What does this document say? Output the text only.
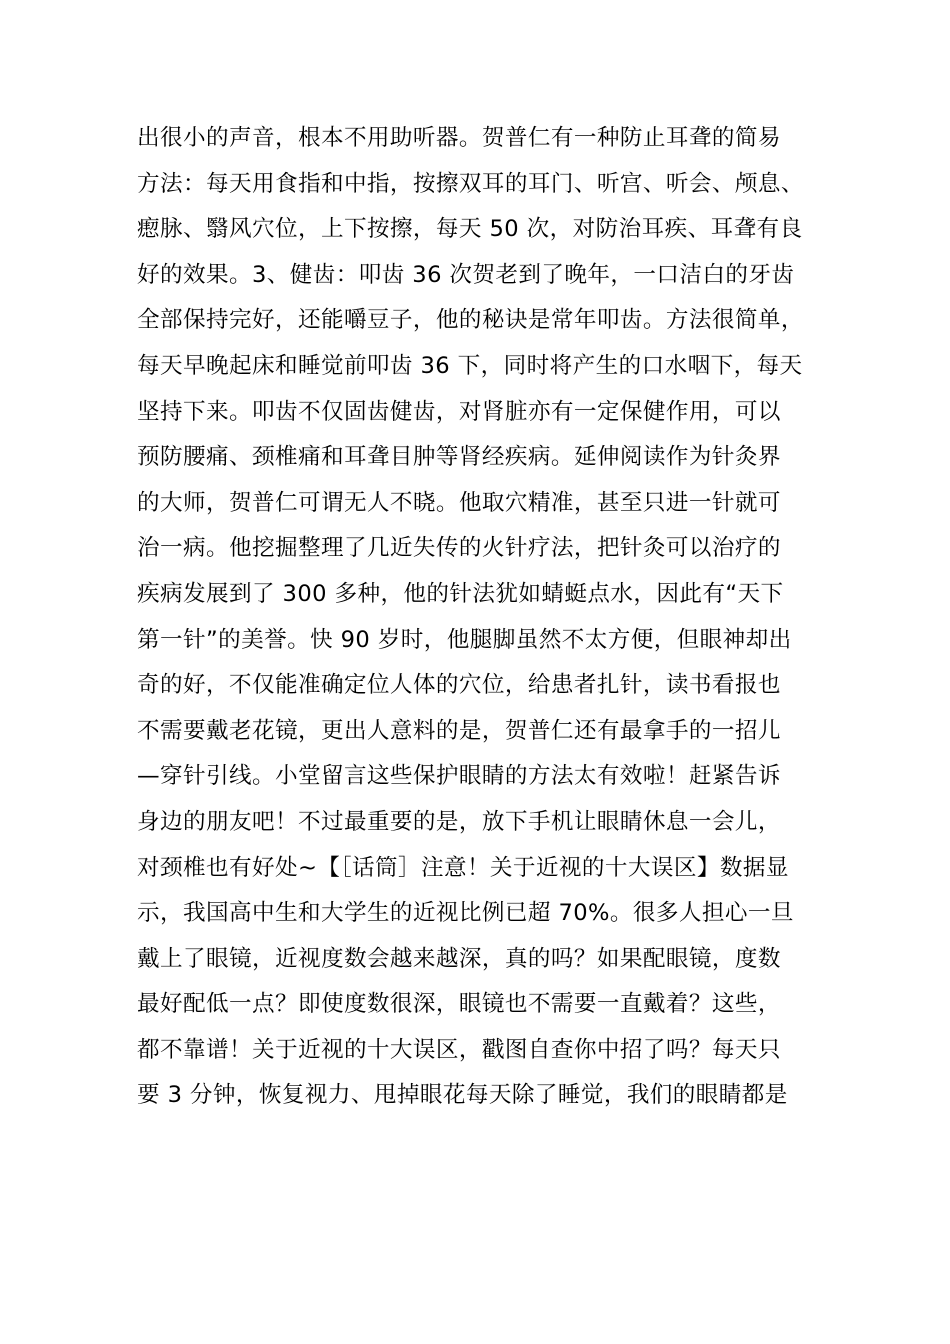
出很小的声音，根本不用助听器。贺普仁有一种防止耳聋的简易
方法：每天用食指和中指，按擦双耳的耳门、听宫、听会、颅息、
瘛脉、翳风穴位，上下按擦，每天 50 次，对防治耳疾、耳聋有良
好的效果。3、健齿：叩齿 36 次贺老到了晚年，一口洁白的牙齿
全部保持完好，还能嚼豆子，他的秘诀是常年叩齿。方法很简单，
每天早晚起床和睡觉前叩齿 36 下，同时将产生的口水咽下，每天
坚持下来。叩齿不仅固齿健齿，对肾脏亦有一定保健作用，可以
预防腰痛、颈椎痛和耳聋目肿等肾经疾病。延伸阅读作为针灸界
的大师，贺普仁可谓无人不晓。他取穴精准，甚至只进一针就可
治一病。他挖掘整理了几近失传的火针疗法，把针灸可以治疗的
疾病发展到了 300 多种，他的针法犹如蜻蜓点水，因此有“天下
第一针”的美誉。快 90 岁时，他腿脚虽然不太方便，但眼神却出
奇的好，不仅能准确定位人体的穴位，给患者扎针，读书看报也
不需要戴老花镜，更出人意料的是，贺普仁还有最拿手的一招儿
—穿针引线。小堂留言这些保护眼睛的方法太有效啦！赶紧告诉
身边的朋友吧！不过最重要的是，放下手机让眼睛休息一会儿，
对颈椎也有好处~【［话筒］注意！关于近视的十大误区】数据显
示，我国高中生和大学生的近视比例已超 70%。很多人担心一旦
戴上了眼镜，近视度数会越来越深，真的吗？如果配眼镜，度数
最好配低一点？即使度数很深，眼镜也不需要一直戴着？这些，
都不靠谱！关于近视的十大误区，戳图自查你中招了吗？每天只
要 3 分钟，恢复视力、甩掉眼花每天除了睡觉，我们的眼睛都是
